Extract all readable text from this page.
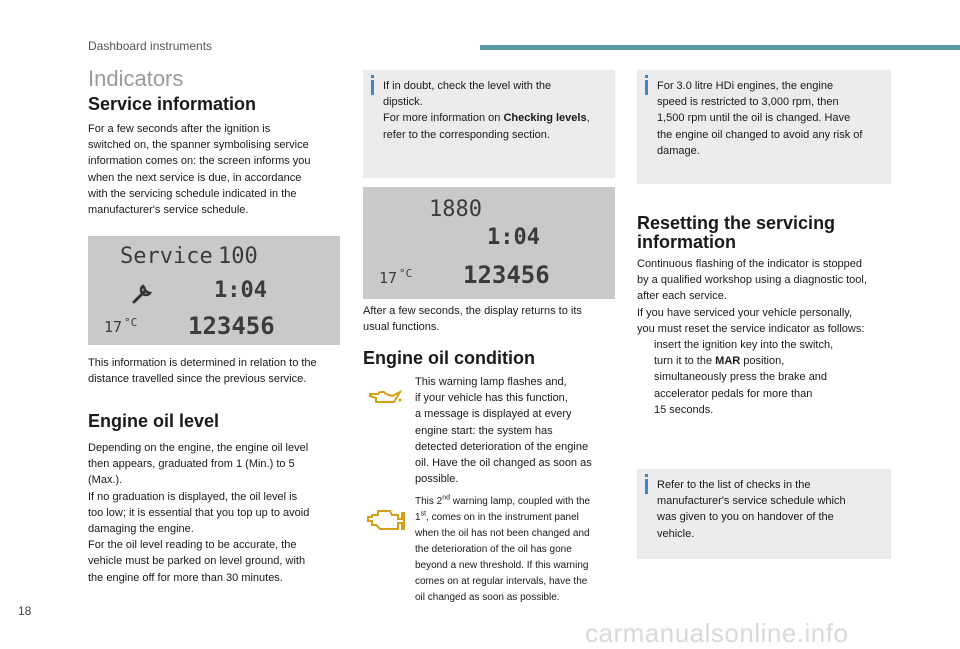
Dashboard instruments
Indicators
Service information
For a few seconds after the ignition is
switched on, the spanner symbolising service
information comes on: the screen informs you
when the next service is due, in accordance
with the servicing schedule indicated in the
manufacturer's service schedule.
Service 100
1:04
17 °C 123456
This information is determined in relation to the
distance travelled since the previous service.
Engine oil level
Depending on the engine, the engine oil level
then appears, graduated from 1 (Min.) to 5
(Max.).
If no graduation is displayed, the oil level is
too low; it is essential that you top up to avoid
damaging the engine.
For the oil level reading to be accurate, the
vehicle must be parked on level ground, with
the engine off for more than 30 minutes.
If in doubt, check the level with the
dipstick.
For more information on Checking levels,
refer to the corresponding section.
1880
1:04
17 °C 123456
After a few seconds, the display returns to its
usual functions.
Engine oil condition
This warning lamp flashes and,
if your vehicle has this function,
a message is displayed at every
engine start: the system has
detected deterioration of the engine
oil. Have the oil changed as soon as
possible.
This 2nd warning lamp, coupled with the
1st, comes on in the instrument panel
when the oil has not been changed and
the deterioration of the oil has gone
beyond a new threshold. If this warning
comes on at regular intervals, have the
oil changed as soon as possible.
For 3.0 litre HDi engines, the engine
speed is restricted to 3,000 rpm, then
1,500 rpm until the oil is changed. Have
the engine oil changed to avoid any risk of
damage.
Resetting the servicing
information
Continuous flashing of the indicator is stopped
by a qualified workshop using a diagnostic tool,
after each service.
If you have serviced your vehicle personally,
you must reset the service indicator as follows:
insert the ignition key into the switch,
turn it to the MAR position,
simultaneously press the brake and
accelerator pedals for more than
15 seconds.
Refer to the list of checks in the
manufacturer's service schedule which
was given to you on handover of the
vehicle.
18
carmanualsonline.info
